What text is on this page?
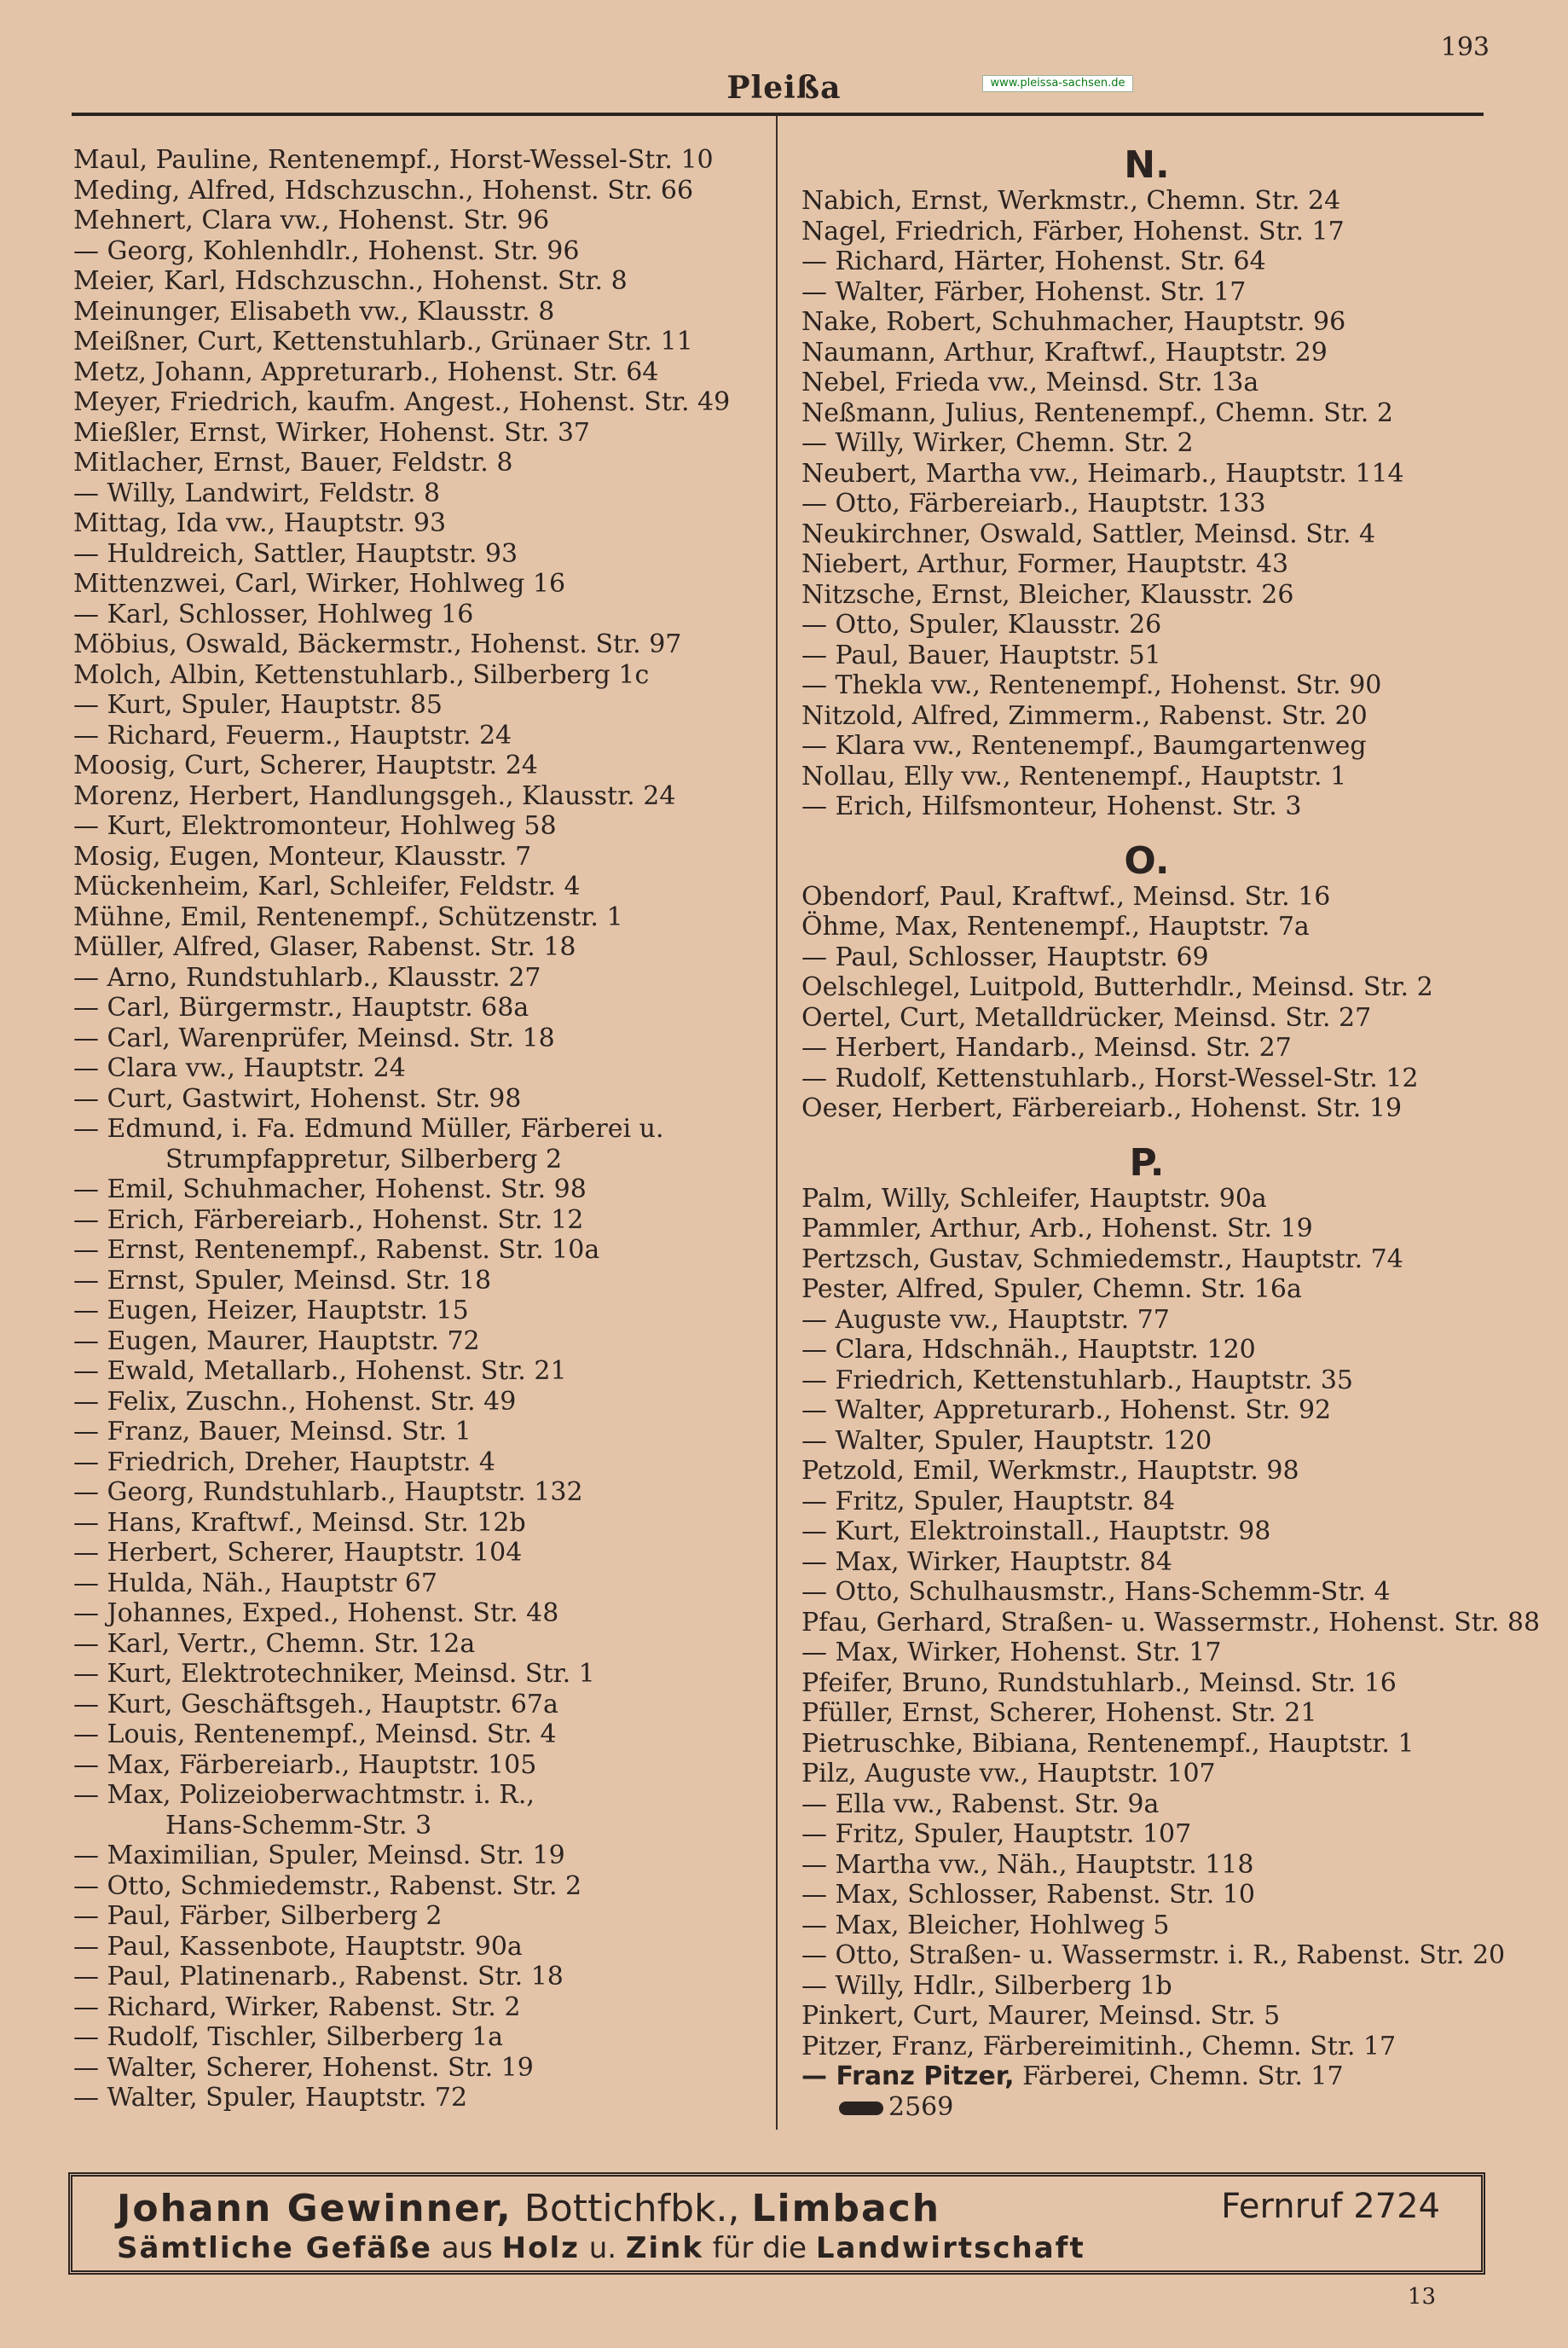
193
Pleißa	www.pleissa-sachsen.de
Maul, Pauline, Rentenempf., Horst-Wessel-Str. 10
Meding, Alfred, Hdschzuschn., Hohenst. Str. 66
Mehnert, Clara vw., Hohenst. Str. 96
— Georg, Kohlenhdlr., Hohenst. Str. 96
Meier, Karl, Hdschzuschn., Hohenst. Str. 8
Meinunger, Elisabeth vw., Klausstr. 8
Meißner, Curt, Kettenstuhlarb., Grünaer Str. 11
Metz, Johann, Appreturarb., Hohenst. Str. 64
Meyer, Friedrich, kaufm. Angest., Hohenst. Str. 49
Mießler, Ernst, Wirker, Hohenst. Str. 37
Mitlacher, Ernst, Bauer, Feldstr. 8
— Willy, Landwirt, Feldstr. 8
Mittag, Ida vw., Hauptstr. 93
— Huldreich, Sattler, Hauptstr. 93
Mittenzwei, Carl, Wirker, Hohlweg 16
— Karl, Schlosser, Hohlweg 16
Möbius, Oswald, Bäckermstr., Hohenst. Str. 97
Molch, Albin, Kettenstuhlarb., Silberberg 1c
— Kurt, Spuler, Hauptstr. 85
— Richard, Feuerm., Hauptstr. 24
Moosig, Curt, Scherer, Hauptstr. 24
Morenz, Herbert, Handlungsgeh., Klausstr. 24
— Kurt, Elektromonteur, Hohlweg 58
Mosig, Eugen, Monteur, Klausstr. 7
Mückenheim, Karl, Schleifer, Feldstr. 4
Mühne, Emil, Rentenempf., Schützenstr. 1
Müller, Alfred, Glaser, Rabenst. Str. 18
— Arno, Rundstuhlarb., Klausstr. 27
— Carl, Bürgermstr., Hauptstr. 68a
— Carl, Warenprüfer, Meinsd. Str. 18
— Clara vw., Hauptstr. 24
— Curt, Gastwirt, Hohenst. Str. 98
— Edmund, i. Fa. Edmund Müller, Färberei u.
Strumpfappretur, Silberberg 2
— Emil, Schuhmacher, Hohenst. Str. 98
— Erich, Färbereiarb., Hohenst. Str. 12
— Ernst, Rentenempf., Rabenst. Str. 10a
— Ernst, Spuler, Meinsd. Str. 18
— Eugen, Heizer, Hauptstr. 15
— Eugen, Maurer, Hauptstr. 72
— Ewald, Metallarb., Hohenst. Str. 21
— Felix, Zuschn., Hohenst. Str. 49
— Franz, Bauer, Meinsd. Str. 1
— Friedrich, Dreher, Hauptstr. 4
— Georg, Rundstuhlarb., Hauptstr. 132
— Hans, Kraftwf., Meinsd. Str. 12b
— Herbert, Scherer, Hauptstr. 104
— Hulda, Näh., Hauptstr 67
— Johannes, Exped., Hohenst. Str. 48
— Karl, Vertr., Chemn. Str. 12a
— Kurt, Elektrotechniker, Meinsd. Str. 1
— Kurt, Geschäftsgeh., Hauptstr. 67a
— Louis, Rentenempf., Meinsd. Str. 4
— Max, Färbereiarb., Hauptstr. 105
— Max, Polizeioberwachtmstr. i. R.,
Hans-Schemm-Str. 3
— Maximilian, Spuler, Meinsd. Str. 19
— Otto, Schmiedemstr., Rabenst. Str. 2
— Paul, Färber, Silberberg 2
— Paul, Kassenbote, Hauptstr. 90a
— Paul, Platinenarb., Rabenst. Str. 18
— Richard, Wirker, Rabenst. Str. 2
— Rudolf, Tischler, Silberberg 1a
— Walter, Scherer, Hohenst. Str. 19
— Walter, Spuler, Hauptstr. 72
N.
Nabich, Ernst, Werkmstr., Chemn. Str. 24
Nagel, Friedrich, Färber, Hohenst. Str. 17
— Richard, Härter, Hohenst. Str. 64
— Walter, Färber, Hohenst. Str. 17
Nake, Robert, Schuhmacher, Hauptstr. 96
Naumann, Arthur, Kraftwf., Hauptstr. 29
Nebel, Frieda vw., Meinsd. Str. 13a
Neßmann, Julius, Rentenempf., Chemn. Str. 2
— Willy, Wirker, Chemn. Str. 2
Neubert, Martha vw., Heimarb., Hauptstr. 114
— Otto, Färbereiarb., Hauptstr. 133
Neukirchner, Oswald, Sattler, Meinsd. Str. 4
Niebert, Arthur, Former, Hauptstr. 43
Nitzsche, Ernst, Bleicher, Klausstr. 26
— Otto, Spuler, Klausstr. 26
— Paul, Bauer, Hauptstr. 51
— Thekla vw., Rentenempf., Hohenst. Str. 90
Nitzold, Alfred, Zimmerm., Rabenst. Str. 20
— Klara vw., Rentenempf., Baumgartenweg
Nollau, Elly vw., Rentenempf., Hauptstr. 1
— Erich, Hilfsmonteur, Hohenst. Str. 3
O.
Obendorf, Paul, Kraftwf., Meinsd. Str. 16
Öhme, Max, Rentenempf., Hauptstr. 7a
— Paul, Schlosser, Hauptstr. 69
Oelschlegel, Luitpold, Butterhdlr., Meinsd. Str. 2
Oertel, Curt, Metalldrücker, Meinsd. Str. 27
— Herbert, Handarb., Meinsd. Str. 27
— Rudolf, Kettenstuhlarb., Horst-Wessel-Str. 12
Oeser, Herbert, Färbereiarb., Hohenst. Str. 19
P.
Palm, Willy, Schleifer, Hauptstr. 90a
Pammler, Arthur, Arb., Hohenst. Str. 19
Pertzsch, Gustav, Schmiedemstr., Hauptstr. 74
Pester, Alfred, Spuler, Chemn. Str. 16a
— Auguste vw., Hauptstr. 77
— Clara, Hdschnäh., Hauptstr. 120
— Friedrich, Kettenstuhlarb., Hauptstr. 35
— Walter, Appreturarb., Hohenst. Str. 92
— Walter, Spuler, Hauptstr. 120
Petzold, Emil, Werkmstr., Hauptstr. 98
— Fritz, Spuler, Hauptstr. 84
— Kurt, Elektroinstall., Hauptstr. 98
— Max, Wirker, Hauptstr. 84
— Otto, Schulhausmstr., Hans-Schemm-Str. 4
Pfau, Gerhard, Straßen- u. Wassermstr., Hohenst. Str. 88
— Max, Wirker, Hohenst. Str. 17
Pfeifer, Bruno, Rundstuhlarb., Meinsd. Str. 16
Pfüller, Ernst, Scherer, Hohenst. Str. 21
Pietruschke, Bibiana, Rentenempf., Hauptstr. 1
Pilz, Auguste vw., Hauptstr. 107
— Ella vw., Rabenst. Str. 9a
— Fritz, Spuler, Hauptstr. 107
— Martha vw., Näh., Hauptstr. 118
— Max, Schlosser, Rabenst. Str. 10
— Max, Bleicher, Hohlweg 5
— Otto, Straßen- u. Wassermstr. i. R., Rabenst. Str. 20
— Willy, Hdlr., Silberberg 1b
Pinkert, Curt, Maurer, Meinsd. Str. 5
Pitzer, Franz, Färbereimitinh., Chemn. Str. 17
— Franz Pitzer, Färberei, Chemn. Str. 17
2569
Johann Gewinner, Bottichfbk., Limbach	Fernruf 2724
Sämtliche Gefäße aus Holz u. Zink für die Landwirtschaft
13
